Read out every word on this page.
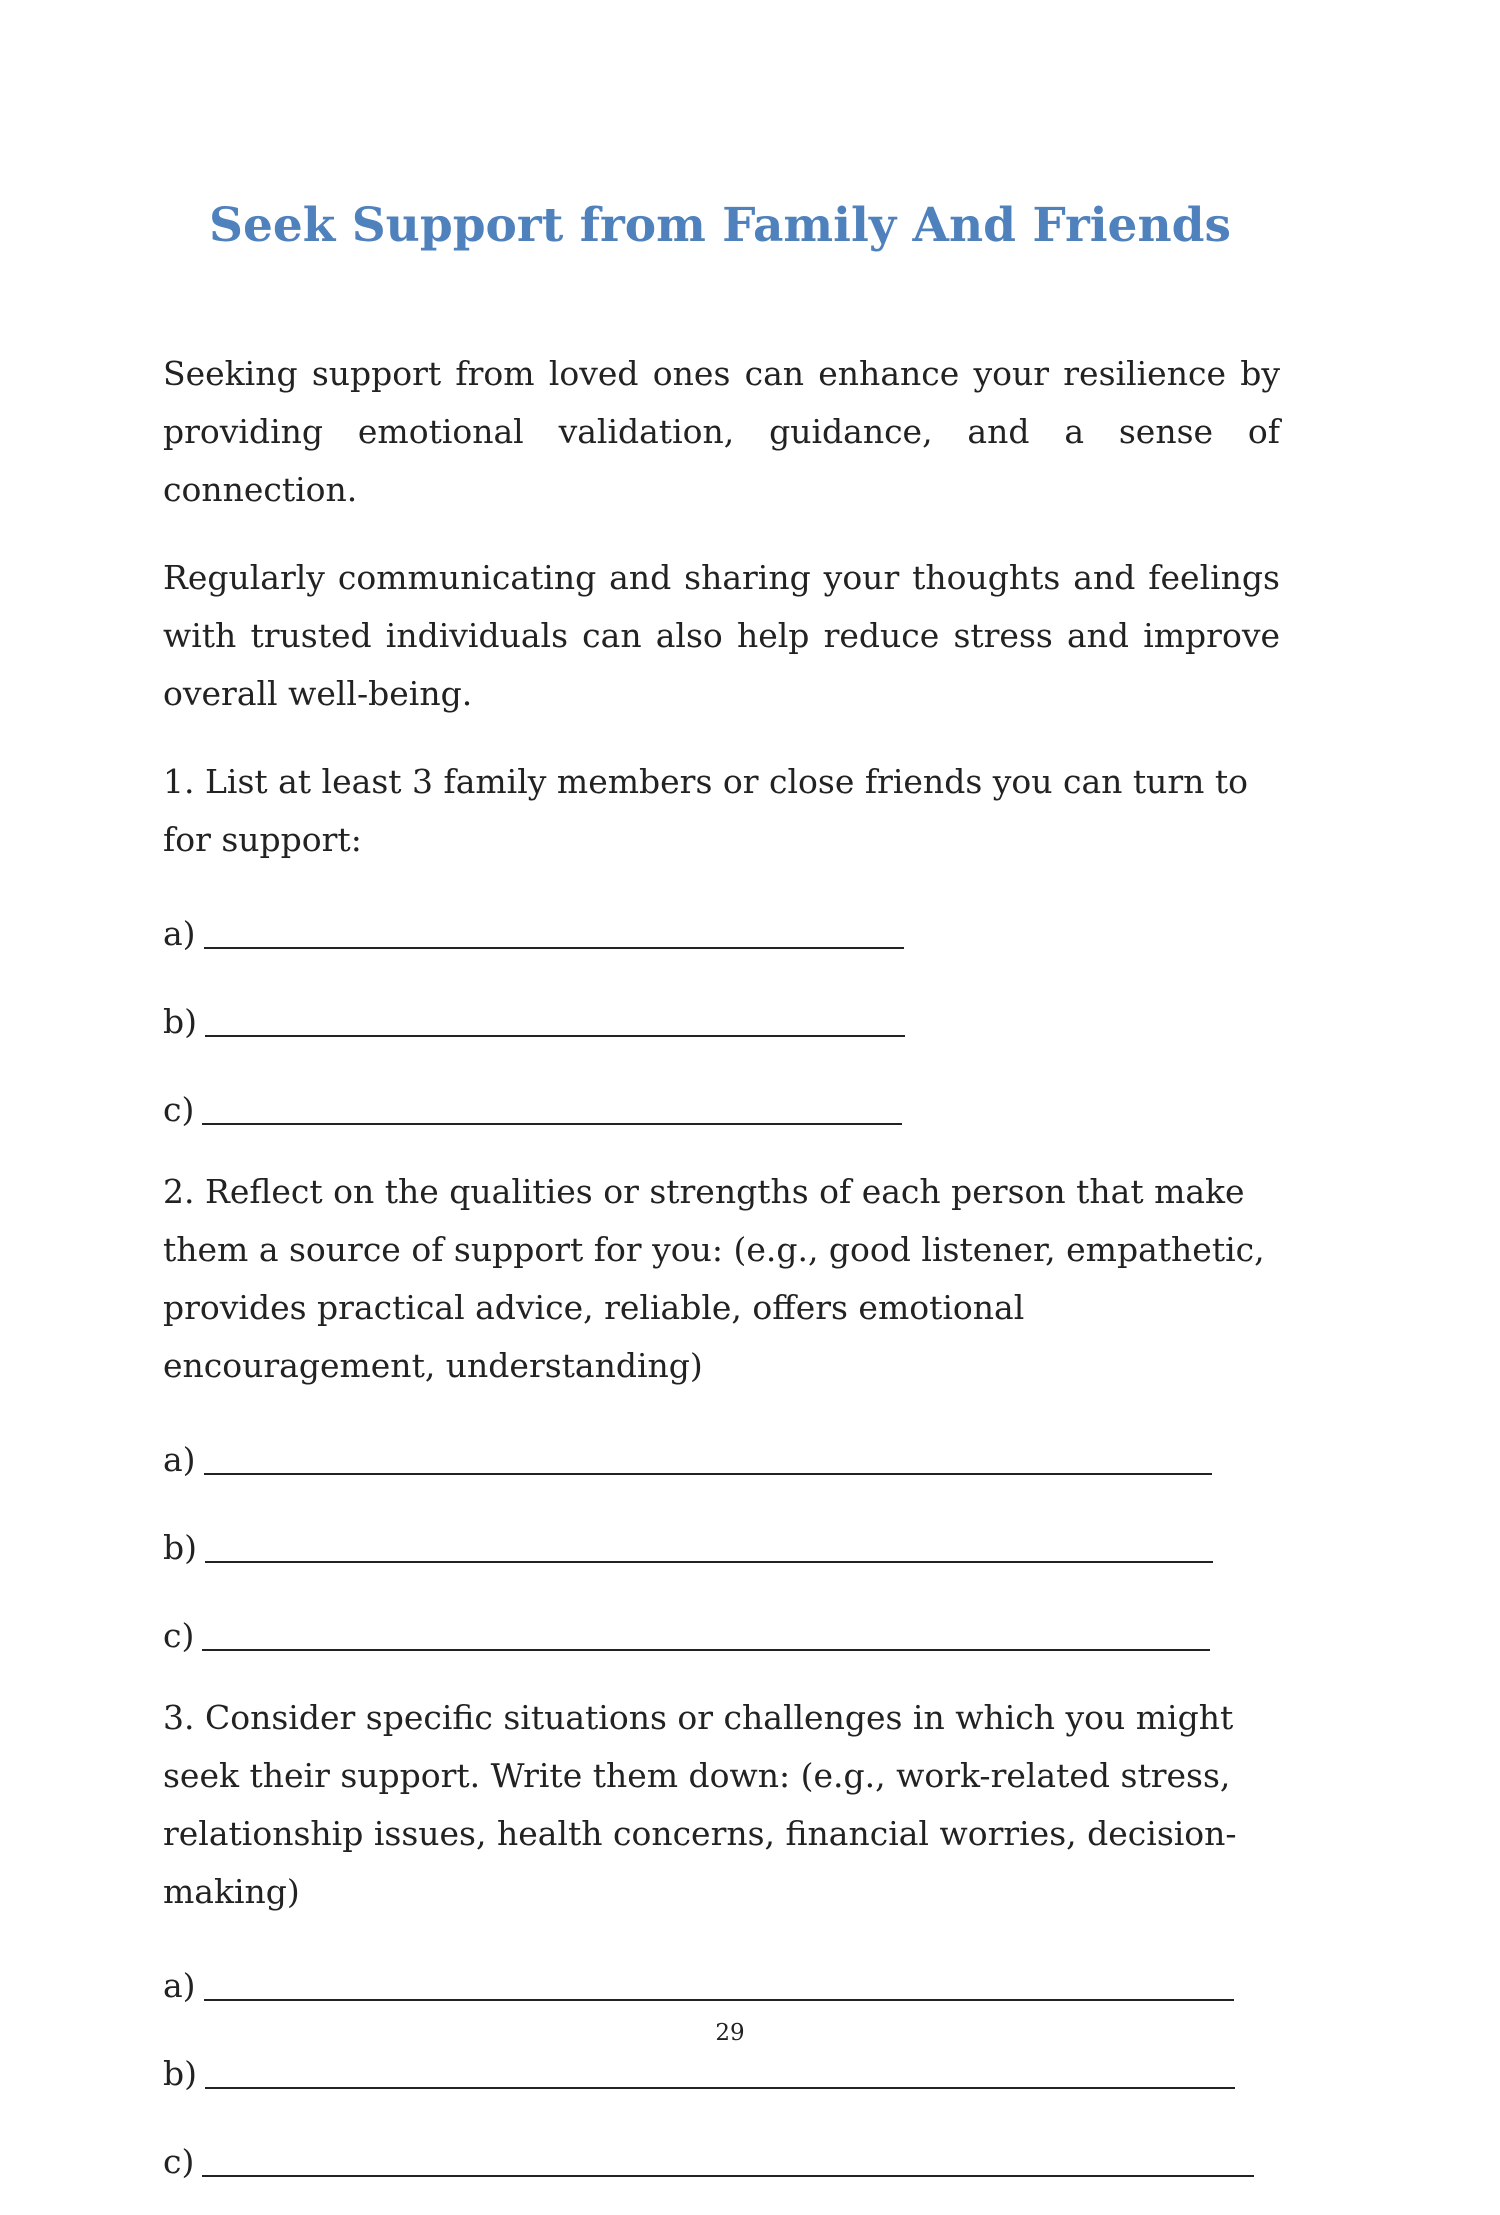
Seek Support from Family And Friends

Seeking support from loved ones can enhance your resilience by providing emotional validation, guidance, and a sense of connection.

Regularly communicating and sharing your thoughts and feelings with trusted individuals can also help reduce stress and improve overall well-being.

1. List at least 3 family members or close friends you can turn to for support:

a)
b)
c)

2. Reflect on the qualities or strengths of each person that make them a source of support for you: (e.g., good listener, empathetic, provides practical advice, reliable, offers emotional encouragement, understanding)

a)
b)
c)

3. Consider specific situations or challenges in which you might seek their support. Write them down: (e.g., work-related stress, relationship issues, health concerns, financial worries, decision-making)

a)
b)
c)
29
